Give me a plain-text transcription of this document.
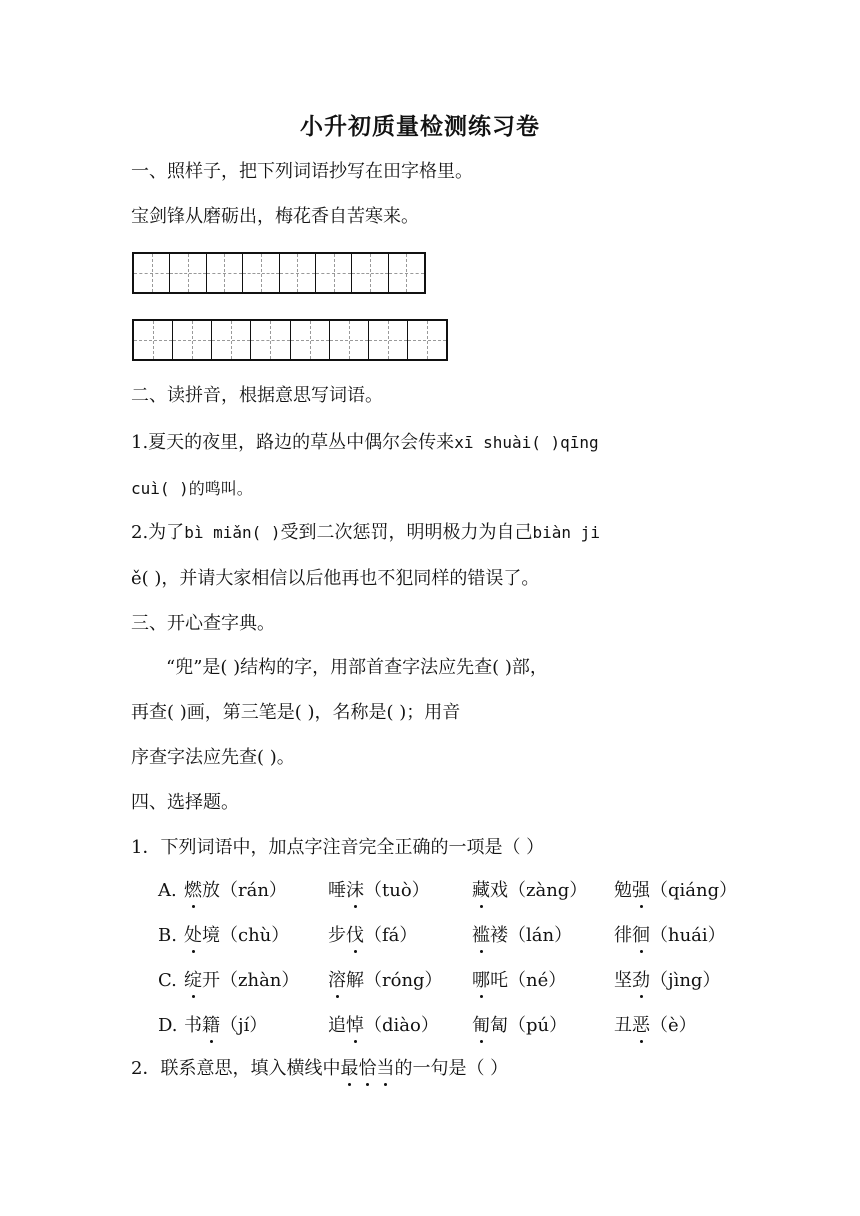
小升初质量检测练习卷
一、照样子，把下列词语抄写在田字格里。
宝剑锋从磨砺出，梅花香自苦寒来。
二、读拼音，根据意思写词语。
1.夏天的夜里，路边的草丛中偶尔会传来xī shuài( )qīng
cuì( )的鸣叫。
2.为了bì miǎn( )受到二次惩罚，明明极力为自己biàn ji
ě( )，并请大家相信以后他再也不犯同样的错误了。
三、开心查字典。
“兜”是( )结构的字，用部首查字法应先查( )部，
再查( )画，第三笔是( )，名称是( )；用音
序查字法应先查( )。
四、选择题。
1．下列词语中，加点字注音完全正确的一项是（ ）
A. 燃放（rán） 唾沫（tuò） 藏戏（zàng） 勉强（qiáng）
B. 处境（chù） 步伐（fá）	褴褛（lán） 徘徊（huái）
C. 绽开（zhàn） 溶解（róng） 哪吒（né）	坚劲（jìng）
D. 书籍（jí）	追悼（diào） 匍匐（pú）	丑恶（è）
2．联系意思，填入横线中最恰当的一句是（ ）
